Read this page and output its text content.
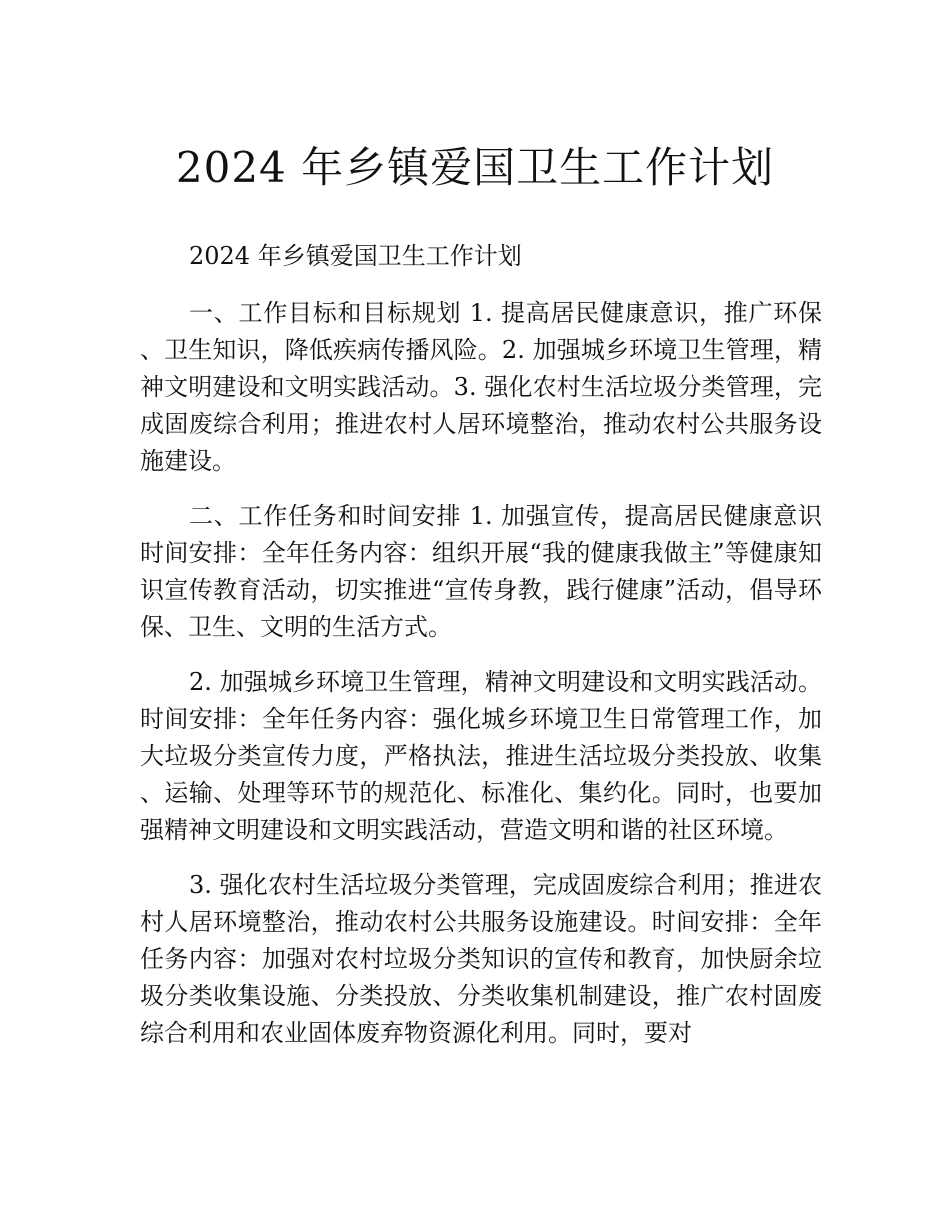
2024 年乡镇爱国卫生工作计划

2024 年乡镇爱国卫生工作计划

一、工作目标和目标规划 1. 提高居民健康意识，推广环保、卫生知识，降低疾病传播风险。2. 加强城乡环境卫生管理，精神文明建设和文明实践活动。3. 强化农村生活垃圾分类管理，完成固废综合利用；推进农村人居环境整治，推动农村公共服务设施建设。

二、工作任务和时间安排 1. 加强宣传，提高居民健康意识时间安排：全年任务内容：组织开展“我的健康我做主”等健康知识宣传教育活动，切实推进“宣传身教，践行健康”活动，倡导环保、卫生、文明的生活方式。

2. 加强城乡环境卫生管理，精神文明建设和文明实践活动。时间安排：全年任务内容：强化城乡环境卫生日常管理工作，加大垃圾分类宣传力度，严格执法，推进生活垃圾分类投放、收集、运输、处理等环节的规范化、标准化、集约化。同时，也要加强精神文明建设和文明实践活动，营造文明和谐的社区环境。

3. 强化农村生活垃圾分类管理，完成固废综合利用；推进农村人居环境整治，推动农村公共服务设施建设。时间安排：全年任务内容：加强对农村垃圾分类知识的宣传和教育，加快厨余垃圾分类收集设施、分类投放、分类收集机制建设，推广农村固废综合利用和农业固体废弃物资源化利用。同时，要对
